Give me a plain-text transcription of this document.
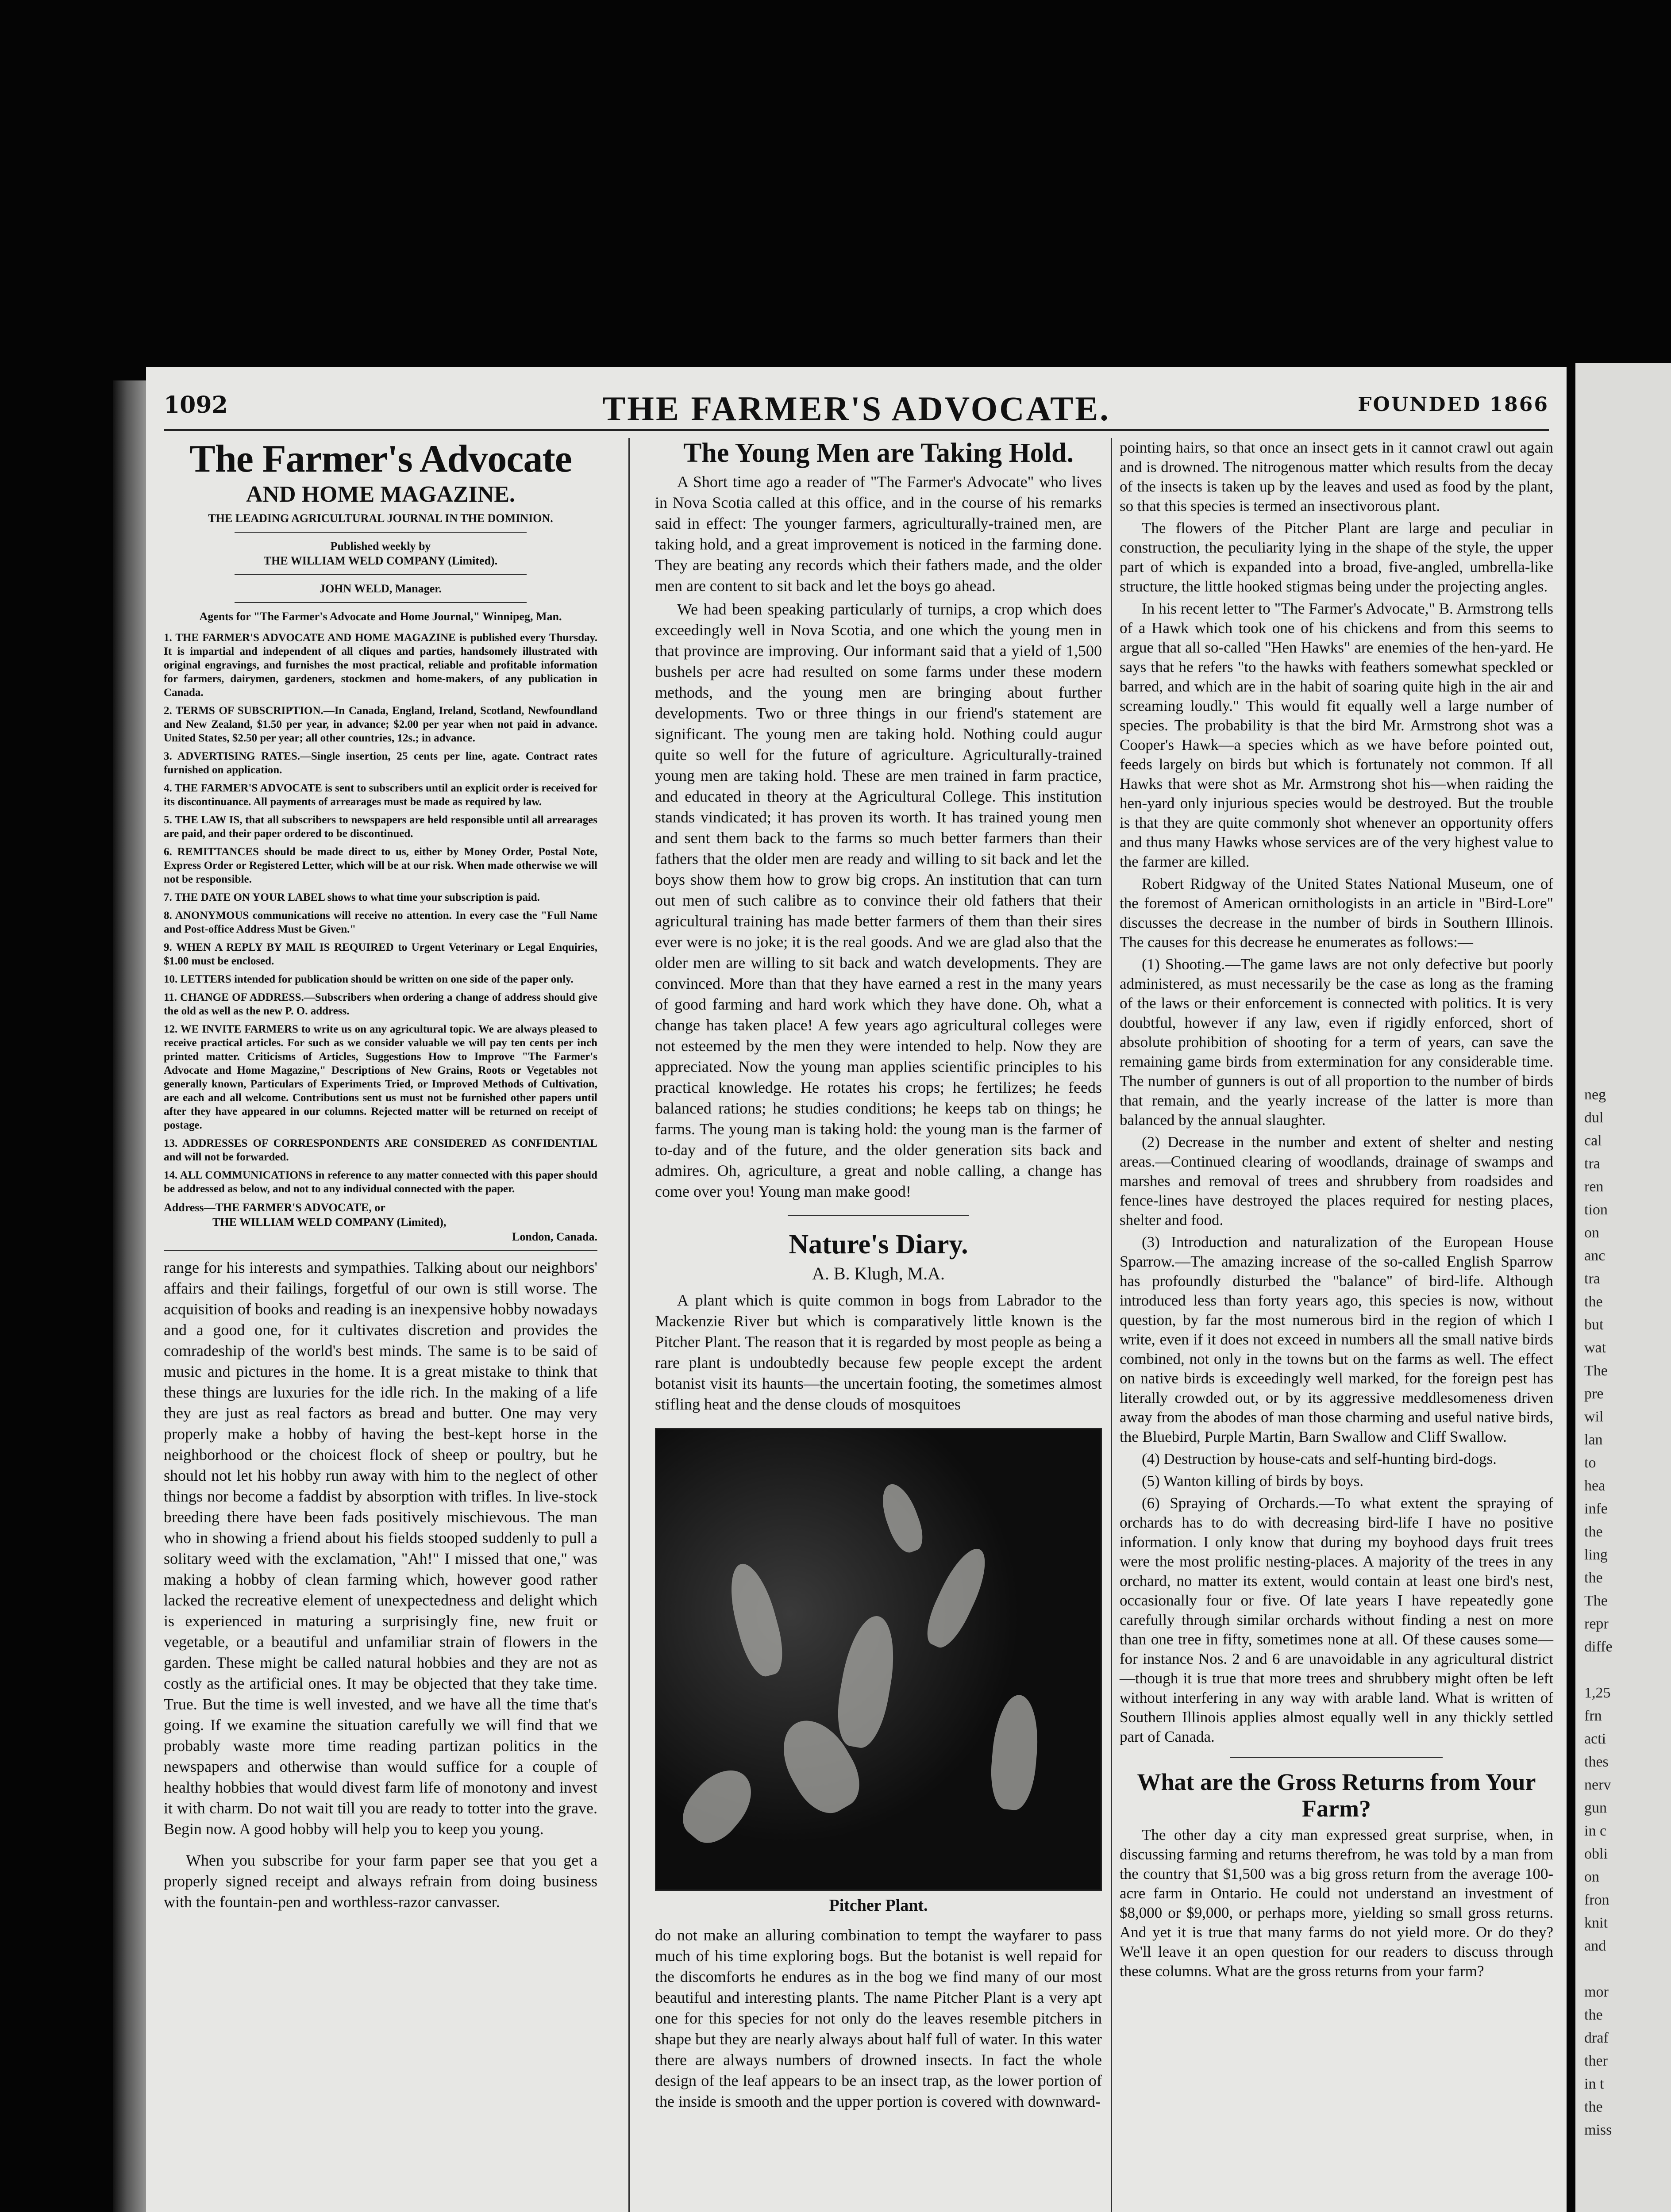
neg
dul
cal
tra
ren
tion
on
anc
tra
the
but
wat
The
pre
wil
lan
to
hea
infe
the
ling
the
The
repr
diffe
1,25
frn
acti
thes
nerv
gun
in c
obli
on
fron
knit
and
mor
the
draf
ther
in t
the
miss
1092	THE FARMER'S ADVOCATE.	FOUNDED 1866
The Farmer's Advocate
AND HOME MAGAZINE.
THE LEADING AGRICULTURAL JOURNAL IN THE DOMINION.
Published weekly by
THE WILLIAM WELD COMPANY (Limited).
JOHN WELD, Manager.
Agents for "The Farmer's Advocate and Home Journal," Winnipeg, Man.
1. THE FARMER'S ADVOCATE AND HOME MAGAZINE is published every Thursday. It is impartial and independent of all cliques and parties, handsomely illustrated with original engravings, and furnishes the most practical, reliable and profitable information for farmers, dairymen, gardeners, stockmen and home-makers, of any publication in Canada.
2. TERMS OF SUBSCRIPTION.—In Canada, England, Ireland, Scotland, Newfoundland and New Zealand, $1.50 per year, in advance; $2.00 per year when not paid in advance. United States, $2.50 per year; all other countries, 12s.; in advance.
3. ADVERTISING RATES.—Single insertion, 25 cents per line, agate. Contract rates furnished on application.
4. THE FARMER'S ADVOCATE is sent to subscribers until an explicit order is received for its discontinuance. All payments of arrearages must be made as required by law.
5. THE LAW IS, that all subscribers to newspapers are held responsible until all arrearages are paid, and their paper ordered to be discontinued.
6. REMITTANCES should be made direct to us, either by Money Order, Postal Note, Express Order or Registered Letter, which will be at our risk. When made otherwise we will not be responsible.
7. THE DATE ON YOUR LABEL shows to what time your subscription is paid.
8. ANONYMOUS communications will receive no attention. In every case the "Full Name and Post-office Address Must be Given."
9. WHEN A REPLY BY MAIL IS REQUIRED to Urgent Veterinary or Legal Enquiries, $1.00 must be enclosed.
10. LETTERS intended for publication should be written on one side of the paper only.
11. CHANGE OF ADDRESS.—Subscribers when ordering a change of address should give the old as well as the new P. O. address.
12. WE INVITE FARMERS to write us on any agricultural topic. We are always pleased to receive practical articles. For such as we consider valuable we will pay ten cents per inch printed matter. Criticisms of Articles, Suggestions How to Improve "The Farmer's Advocate and Home Magazine," Descriptions of New Grains, Roots or Vegetables not generally known, Particulars of Experiments Tried, or Improved Methods of Cultivation, are each and all welcome. Contributions sent us must not be furnished other papers until after they have appeared in our columns. Rejected matter will be returned on receipt of postage.
13. ADDRESSES OF CORRESPONDENTS ARE CONSIDERED AS CONFIDENTIAL and will not be forwarded.
14. ALL COMMUNICATIONS in reference to any matter connected with this paper should be addressed as below, and not to any individual connected with the paper.
Address—THE FARMER'S ADVOCATE, or
THE WILLIAM WELD COMPANY (Limited),
London, Canada.

range for his interests and sympathies. Talking about our neighbors' affairs and their failings, forgetful of our own is still worse. The acquisition of books and reading is an inexpensive hobby nowadays and a good one, for it cultivates discretion and provides the comradeship of the world's best minds. The same is to be said of music and pictures in the home. It is a great mistake to think that these things are luxuries for the idle rich. In the making of a life they are just as real factors as bread and butter. One may very properly make a hobby of having the best-kept horse in the neighborhood or the choicest flock of sheep or poultry, but he should not let his hobby run away with him to the neglect of other things nor become a faddist by absorption with trifles. In live-stock breeding there have been fads positively mischievous. The man who in showing a friend about his fields stooped suddenly to pull a solitary weed with the exclamation, "Ah!" I missed that one," was making a hobby of clean farming which, however good rather lacked the recreative element of unexpectedness and delight which is experienced in maturing a surprisingly fine, new fruit or vegetable, or a beautiful and unfamiliar strain of flowers in the garden. These might be called natural hobbies and they are not as costly as the artificial ones. It may be objected that they take time. True. But the time is well invested, and we have all the time that's going. If we examine the situation carefully we will find that we probably waste more time reading partizan politics in the newspapers and otherwise than would suffice for a couple of healthy hobbies that would divest farm life of monotony and invest it with charm. Do not wait till you are ready to totter into the grave. Begin now. A good hobby will help you to keep you young.

When you subscribe for your farm paper see that you get a properly signed receipt and always refrain from doing business with the fountain-pen and worthless-razor canvasser.

The Young Men are Taking Hold.

A Short time ago a reader of "The Farmer's Advocate" who lives in Nova Scotia called at this office, and in the course of his remarks said in effect: The younger farmers, agriculturally-trained men, are taking hold, and a great improvement is noticed in the farming done. They are beating any records which their fathers made, and the older men are content to sit back and let the boys go ahead.

We had been speaking particularly of turnips, a crop which does exceedingly well in Nova Scotia, and one which the young men in that province are improving. Our informant said that a yield of 1,500 bushels per acre had resulted on some farms under these modern methods, and the young men are bringing about further developments. Two or three things in our friend's statement are significant. The young men are taking hold. Nothing could augur quite so well for the future of agriculture. Agriculturally-trained young men are taking hold. These are men trained in farm practice, and educated in theory at the Agricultural College. This institution stands vindicated; it has proven its worth. It has trained young men and sent them back to the farms so much better farmers than their fathers that the older men are ready and willing to sit back and let the boys show them how to grow big crops. An institution that can turn out men of such calibre as to convince their old fathers that their agricultural training has made better farmers of them than their sires ever were is no joke; it is the real goods. And we are glad also that the older men are willing to sit back and watch developments. They are convinced. More than that they have earned a rest in the many years of good farming and hard work which they have done. Oh, what a change has taken place! A few years ago agricultural colleges were not esteemed by the men they were intended to help. Now they are appreciated. Now the young man applies scientific principles to his practical knowledge. He rotates his crops; he fertilizes; he feeds balanced rations; he studies conditions; he keeps tab on things; he farms. The young man is taking hold: the young man is the farmer of to-day and of the future, and the older generation sits back and admires. Oh, agriculture, a great and noble calling, a change has come over you! Young man make good!

Nature's Diary.
A. B. Klugh, M.A.

A plant which is quite common in bogs from Labrador to the Mackenzie River but which is comparatively little known is the Pitcher Plant. The reason that it is regarded by most people as being a rare plant is undoubtedly because few people except the ardent botanist visit its haunts—the uncertain footing, the sometimes almost stifling heat and the dense clouds of mosquitoes

Pitcher Plant.

do not make an alluring combination to tempt the wayfarer to pass much of his time exploring bogs. But the botanist is well repaid for the discomforts he endures as in the bog we find many of our most beautiful and interesting plants. The name Pitcher Plant is a very apt one for this species for not only do the leaves resemble pitchers in shape but they are nearly always about half full of water. In this water there are always numbers of drowned insects. In fact the whole design of the leaf appears to be an insect trap, as the lower portion of the inside is smooth and the upper portion is covered with downward-

pointing hairs, so that once an insect gets in it cannot crawl out again and is drowned. The nitrogenous matter which results from the decay of the insects is taken up by the leaves and used as food by the plant, so that this species is termed an insectivorous plant.

The flowers of the Pitcher Plant are large and peculiar in construction, the peculiarity lying in the shape of the style, the upper part of which is expanded into a broad, five-angled, umbrella-like structure, the little hooked stigmas being under the projecting angles.

In his recent letter to "The Farmer's Advocate," B. Armstrong tells of a Hawk which took one of his chickens and from this seems to argue that all so-called "Hen Hawks" are enemies of the hen-yard. He says that he refers "to the hawks with feathers somewhat speckled or barred, and which are in the habit of soaring quite high in the air and screaming loudly." This would fit equally well a large number of species. The probability is that the bird Mr. Armstrong shot was a Cooper's Hawk—a species which as we have before pointed out, feeds largely on birds but which is fortunately not common. If all Hawks that were shot as Mr. Armstrong shot his—when raiding the hen-yard only injurious species would be destroyed. But the trouble is that they are quite commonly shot whenever an opportunity offers and thus many Hawks whose services are of the very highest value to the farmer are killed.

Robert Ridgway of the United States National Museum, one of the foremost of American ornithologists in an article in "Bird-Lore" discusses the decrease in the number of birds in Southern Illinois. The causes for this decrease he enumerates as follows:—

(1) Shooting.—The game laws are not only defective but poorly administered, as must necessarily be the case as long as the framing of the laws or their enforcement is connected with politics. It is very doubtful, however if any law, even if rigidly enforced, short of absolute prohibition of shooting for a term of years, can save the remaining game birds from extermination for any considerable time. The number of gunners is out of all proportion to the number of birds that remain, and the yearly increase of the latter is more than balanced by the annual slaughter.

(2) Decrease in the number and extent of shelter and nesting areas.—Continued clearing of woodlands, drainage of swamps and marshes and removal of trees and shrubbery from roadsides and fence-lines have destroyed the places required for nesting places, shelter and food.

(3) Introduction and naturalization of the European House Sparrow.—The amazing increase of the so-called English Sparrow has profoundly disturbed the "balance" of bird-life. Although introduced less than forty years ago, this species is now, without question, by far the most numerous bird in the region of which I write, even if it does not exceed in numbers all the small native birds combined, not only in the towns but on the farms as well. The effect on native birds is exceedingly well marked, for the foreign pest has literally crowded out, or by its aggressive meddlesomeness driven away from the abodes of man those charming and useful native birds, the Bluebird, Purple Martin, Barn Swallow and Cliff Swallow.

(4) Destruction by house-cats and self-hunting bird-dogs.

(5) Wanton killing of birds by boys.

(6) Spraying of Orchards.—To what extent the spraying of orchards has to do with decreasing bird-life I have no positive information. I only know that during my boyhood days fruit trees were the most prolific nesting-places. A majority of the trees in any orchard, no matter its extent, would contain at least one bird's nest, occasionally four or five. Of late years I have repeatedly gone carefully through similar orchards without finding a nest on more than one tree in fifty, sometimes none at all. Of these causes some—for instance Nos. 2 and 6 are unavoidable in any agricultural district—though it is true that more trees and shrubbery might often be left without interfering in any way with arable land. What is written of Southern Illinois applies almost equally well in any thickly settled part of Canada.

What are the Gross Returns from Your Farm?

The other day a city man expressed great surprise, when, in discussing farming and returns therefrom, he was told by a man from the country that $1,500 was a big gross return from the average 100-acre farm in Ontario. He could not understand an investment of $8,000 or $9,000, or perhaps more, yielding so small gross returns. And yet it is true that many farms do not yield more. Or do they? We'll leave it an open question for our readers to discuss through these columns. What are the gross returns from your farm?
